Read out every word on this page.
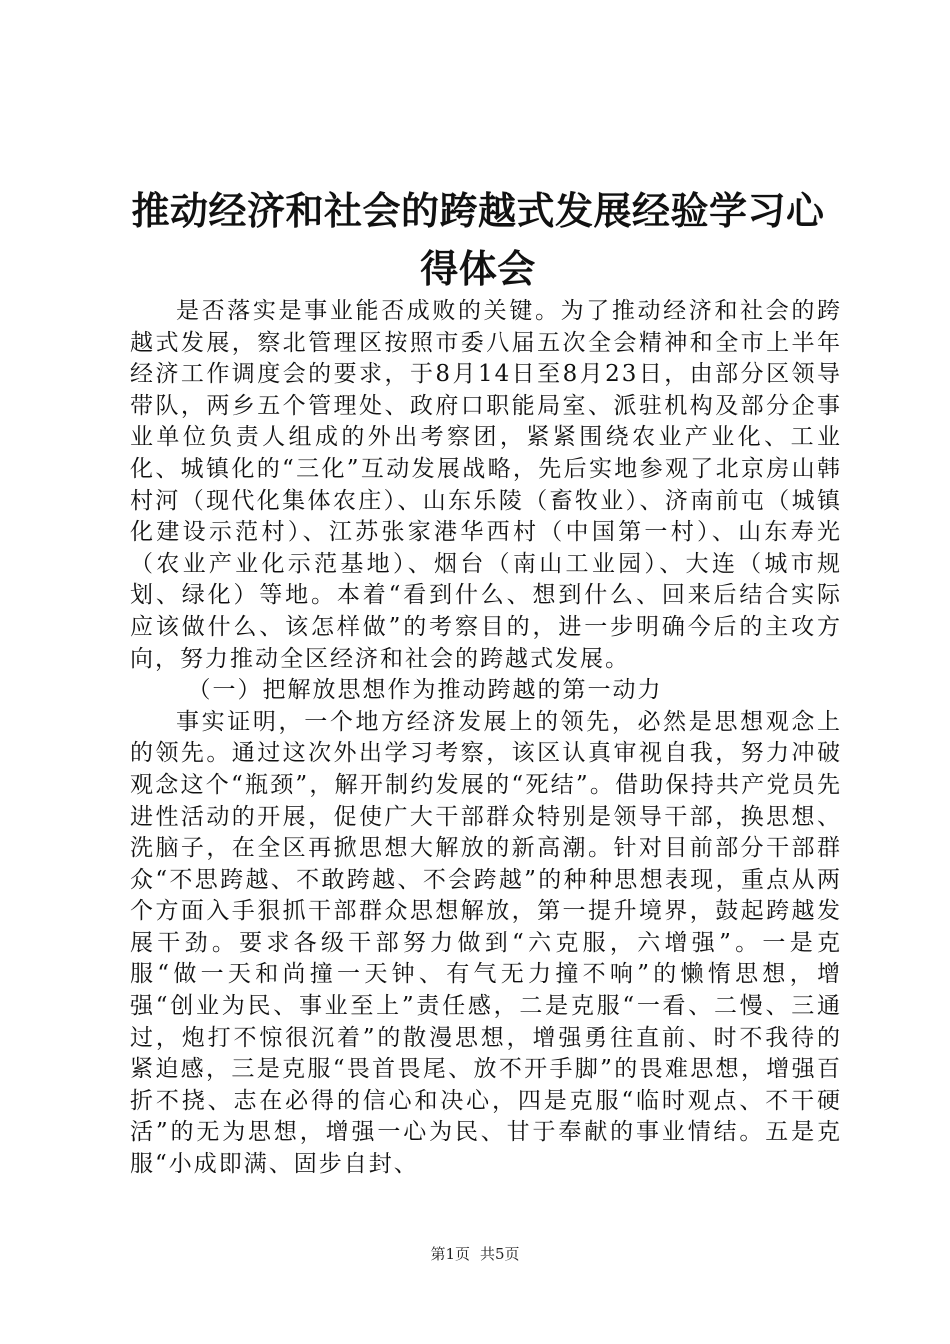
推动经济和社会的跨越式发展经验学习心得体会

是否落实是事业能否成败的关键。为了推动经济和社会的跨越式发展，察北管理区按照市委八届五次全会精神和全市上半年经济工作调度会的要求，于8月14日至8月23日，由部分区领导带队，两乡五个管理处、政府口职能局室、派驻机构及部分企事业单位负责人组成的外出考察团，紧紧围绕农业产业化、工业化、城镇化的“三化”互动发展战略，先后实地参观了北京房山韩村河（现代化集体农庄）、山东乐陵（畜牧业）、济南前屯（城镇化建设示范村）、江苏张家港华西村（中国第一村）、山东寿光（农业产业化示范基地）、烟台（南山工业园）、大连（城市规划、绿化）等地。本着“看到什么、想到什么、回来后结合实际应该做什么、该怎样做”的考察目的，进一步明确今后的主攻方向，努力推动全区经济和社会的跨越式发展。

（一）把解放思想作为推动跨越的第一动力

事实证明，一个地方经济发展上的领先，必然是思想观念上的领先。通过这次外出学习考察，该区认真审视自我，努力冲破观念这个“瓶颈”，解开制约发展的“死结”。借助保持共产党员先进性活动的开展，促使广大干部群众特别是领导干部，换思想、洗脑子，在全区再掀思想大解放的新高潮。针对目前部分干部群众“不思跨越、不敢跨越、不会跨越”的种种思想表现，重点从两个方面入手狠抓干部群众思想解放，第一提升境界，鼓起跨越发展干劲。要求各级干部努力做到“六克服，六增强”。一是克服“做一天和尚撞一天钟、有气无力撞不响”的懒惰思想，增强“创业为民、事业至上”责任感，二是克服“一看、二慢、三通过，炮打不惊很沉着”的散漫思想，增强勇往直前、时不我待的紧迫感，三是克服“畏首畏尾、放不开手脚”的畏难思想，增强百折不挠、志在必得的信心和决心，四是克服“临时观点、不干硬活”的无为思想，增强一心为民、甘于奉献的事业情结。五是克服“小成即满、固步自封、

第1页 共5页
